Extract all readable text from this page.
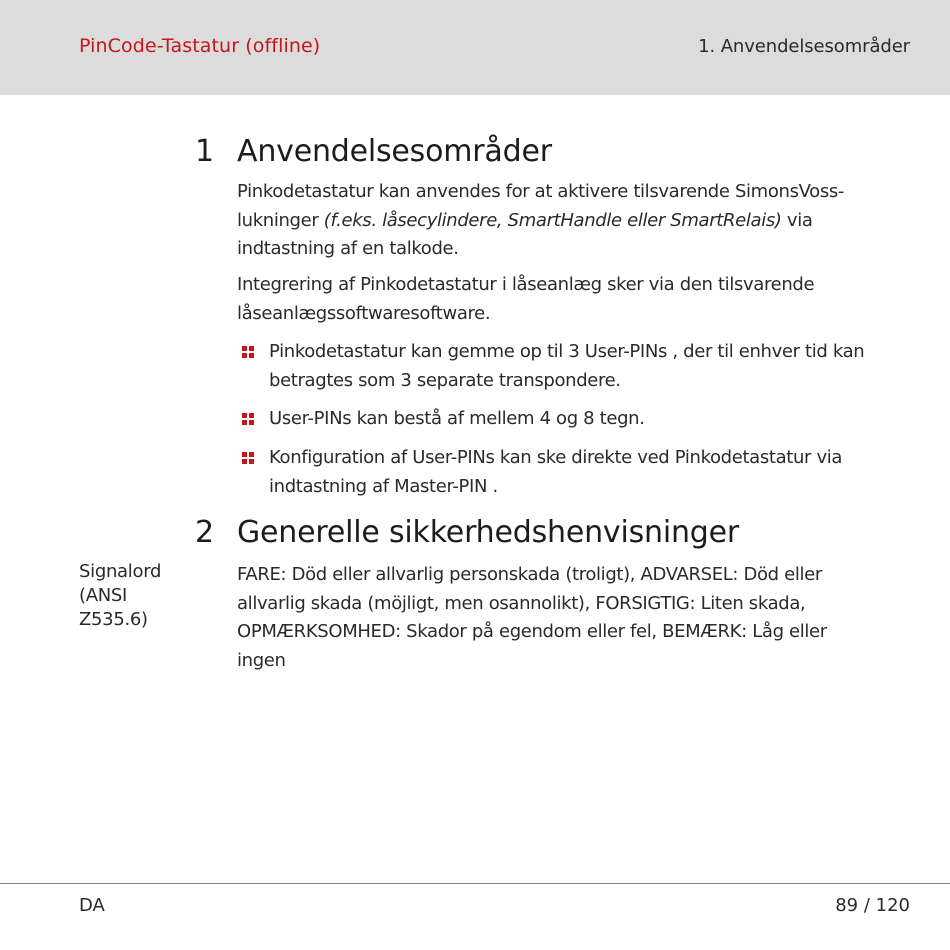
PinCode-Tastatur (offline)	1. Anvendelsesområder
1 Anvendelsesområder

Pinkodetastatur kan anvendes for at aktivere tilsvarende SimonsVoss-
lukninger (f.eks. låsecylindere, SmartHandle eller SmartRelais) via
indtastning af en talkode.

Integrering af Pinkodetastatur i låseanlæg sker via den tilsvarende
låseanlægssoftwaresoftware.

Pinkodetastatur kan gemme op til 3 User-PINs , der til enhver tid kan
betragtes som 3 separate transpondere.
User-PINs kan bestå af mellem 4 og 8 tegn.
Konfiguration af User-PINs kan ske direkte ved Pinkodetastatur via
indtastning af Master-PIN .
2 Generelle sikkerhedshenvisninger
Signalord
(ANSI
Z535.6)

FARE: Död eller allvarlig personskada (troligt), ADVARSEL: Död eller
allvarlig skada (möjligt, men osannolikt), FORSIGTIG: Liten skada,
OPMÆRKSOMHED: Skador på egendom eller fel, BEMÆRK: Låg eller
ingen

DA	89 / 120
